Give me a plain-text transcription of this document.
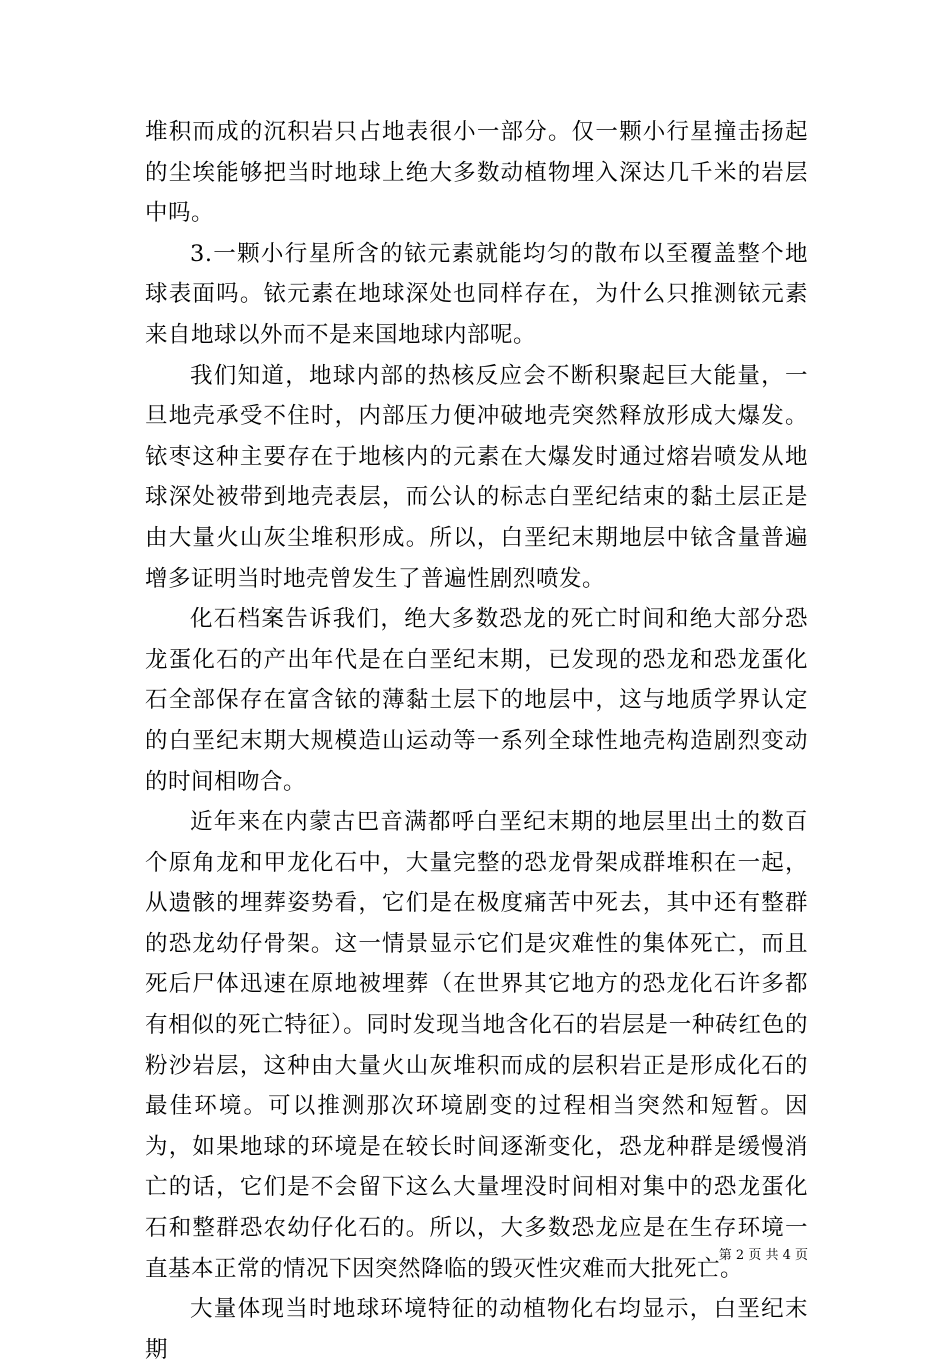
堆积而成的沉积岩只占地表很小一部分。仅一颗小行星撞击扬起的尘埃能够把当时地球上绝大多数动植物埋入深达几千米的岩层中吗。

3.一颗小行星所含的铱元素就能均匀的散布以至覆盖整个地球表面吗。铱元素在地球深处也同样存在，为什么只推测铱元素来自地球以外而不是来国地球内部呢。

我们知道，地球内部的热核反应会不断积聚起巨大能量，一旦地壳承受不住时，内部压力便冲破地壳突然释放形成大爆发。铱枣这种主要存在于地核内的元素在大爆发时通过熔岩喷发从地球深处被带到地壳表层，而公认的标志白垩纪结束的黏土层正是由大量火山灰尘堆积形成。所以，白垩纪末期地层中铱含量普遍增多证明当时地壳曾发生了普遍性剧烈喷发。

化石档案告诉我们，绝大多数恐龙的死亡时间和绝大部分恐龙蛋化石的产出年代是在白垩纪末期，已发现的恐龙和恐龙蛋化石全部保存在富含铱的薄黏土层下的地层中，这与地质学界认定的白垩纪末期大规模造山运动等一系列全球性地壳构造剧烈变动的时间相吻合。

近年来在内蒙古巴音满都呼白垩纪末期的地层里出土的数百个原角龙和甲龙化石中，大量完整的恐龙骨架成群堆积在一起，从遗骸的埋葬姿势看，它们是在极度痛苦中死去，其中还有整群的恐龙幼仔骨架。这一情景显示它们是灾难性的集体死亡，而且死后尸体迅速在原地被埋葬（在世界其它地方的恐龙化石许多都有相似的死亡特征）。同时发现当地含化石的岩层是一种砖红色的粉沙岩层，这种由大量火山灰堆积而成的层积岩正是形成化石的最佳环境。可以推测那次环境剧变的过程相当突然和短暂。因为，如果地球的环境是在较长时间逐渐变化，恐龙种群是缓慢消亡的话，它们是不会留下这么大量埋没时间相对集中的恐龙蛋化石和整群恐农幼仔化石的。所以，大多数恐龙应是在生存环境一直基本正常的情况下因突然降临的毁灭性灾难而大批死亡。

大量体现当时地球环境特征的动植物化右均显示，白垩纪末期

第 2 页 共 4 页
